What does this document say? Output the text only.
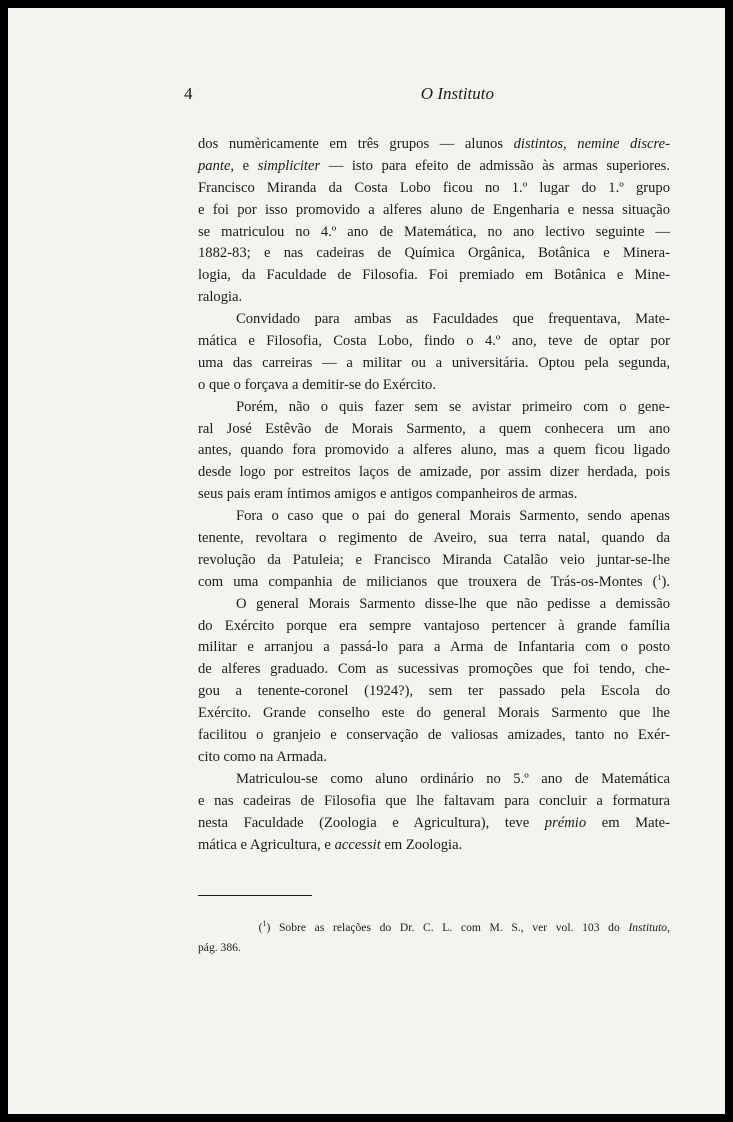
4	O Instituto

dos numèricamente em três grupos — alunos distintos, nemine discre-
pante, e simpliciter — isto para efeito de admissão às armas superiores.
Francisco Miranda da Costa Lobo ficou no 1.º lugar do 1.º grupo
e foi por isso promovido a alferes aluno de Engenharia e nessa situação
se matriculou no 4.º ano de Matemática, no ano lectivo seguinte —
1882-83; e nas cadeiras de Química Orgânica, Botânica e Minera-
logia, da Faculdade de Filosofia. Foi premiado em Botânica e Mine-
ralogia.

Convidado para ambas as Faculdades que frequentava, Mate-
mática e Filosofia, Costa Lobo, findo o 4.º ano, teve de optar por
uma das carreiras — a militar ou a universitária. Optou pela segunda,
o que o forçava a demitir-se do Exército.

Porém, não o quis fazer sem se avistar primeiro com o gene-
ral José Estêvão de Morais Sarmento, a quem conhecera um ano
antes, quando fora promovido a alferes aluno, mas a quem ficou ligado
desde logo por estreitos laços de amizade, por assim dizer herdada, pois
seus pais eram íntimos amigos e antigos companheiros de armas.

Fora o caso que o pai do general Morais Sarmento, sendo apenas
tenente, revoltara o regimento de Aveiro, sua terra natal, quando da
revolução da Patuleia; e Francisco Miranda Catalão veio juntar-se-lhe
com uma companhia de milicianos que trouxera de Trás-os-Montes ($^1$).

O general Morais Sarmento disse-lhe que não pedisse a demissão
do Exército porque era sempre vantajoso pertencer à grande família
militar e arranjou a passá-lo para a Arma de Infantaria com o posto
de alferes graduado. Com as sucessivas promoções que foi tendo, che-
gou a tenente-coronel (1924?), sem ter passado pela Escola do
Exército. Grande conselho este do general Morais Sarmento que lhe
facilitou o granjeio e conservação de valiosas amizades, tanto no Exér-
cito como na Armada.

Matriculou-se como aluno ordinário no 5.º ano de Matemática
e nas cadeiras de Filosofia que lhe faltavam para concluir a formatura
nesta Faculdade (Zoologia e Agricultura), teve prémio em Mate-
mática e Agricultura, e accessit em Zoologia.

($^1$) Sobre as relações do Dr. C. L. com M. S., ver vol. 103 do Instituto,
pág. 386.
